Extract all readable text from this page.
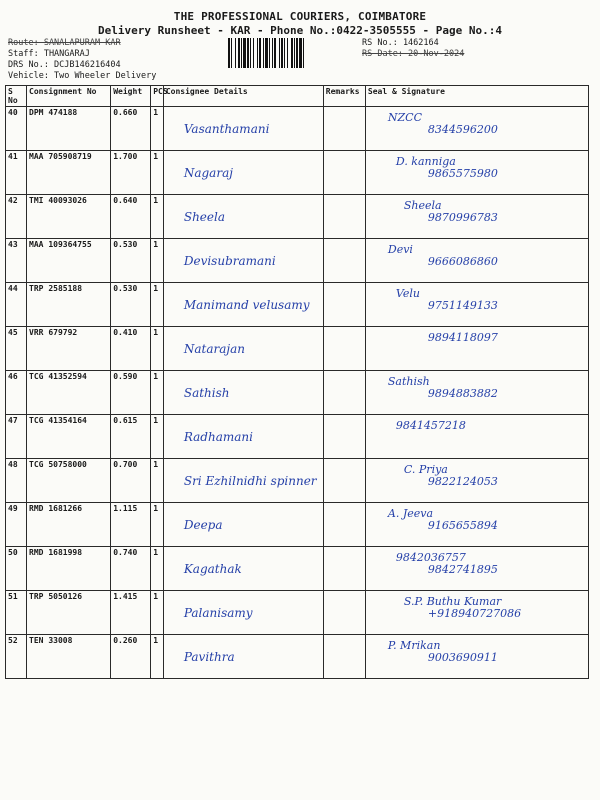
THE PROFESSIONAL COURIERS, COIMBATORE
Delivery Runsheet - KAR - Phone No.:0422-3505555 - Page No.:4
Route: SANALAPURAM KAR
Staff: THANGARAJ
DRS No.: DCJB146216404
Vehicle: Two Wheeler Delivery
RS No.: 1462164
RS Date: 20-Nov-2024
S No	Consignment No	Weight	PCS	Consignee Details	Remarks	Seal & Signature
40	DPM 474188	0.660	1	Vasanthamani		NZCC
8344596200

41	MAA 705908719	1.700	1	Nagaraj		D. kanniga
9865575980

42	TMI 40093026	0.640	1	Sheela		Sheela
9870996783

43	MAA 109364755	0.530	1	Devisubramani		Devi
9666086860

44	TRP 2585188	0.530	1	Manimand velusamy		Velu
9751149133

45	VRR 679792	0.410	1	Natarajan		9894118097

46	TCG 41352594	0.590	1	Sathish		Sathish
9894883882

47	TCG 41354164	0.615	1	Radhamani		9841457218

48	TCG 50758000	0.700	1	Sri Ezhilnidhi spinner		C. Priya
9822124053

49	RMD 1681266	1.115	1	Deepa		A. Jeeva
9165655894

50	RMD 1681998	0.740	1	Kagathak		9842036757
9842741895

51	TRP 5050126	1.415	1	Palanisamy		S.P. Buthu Kumar
+918940727086

52	TEN 33008	0.260	1	Pavithra		P. Mrikan
9003690911
